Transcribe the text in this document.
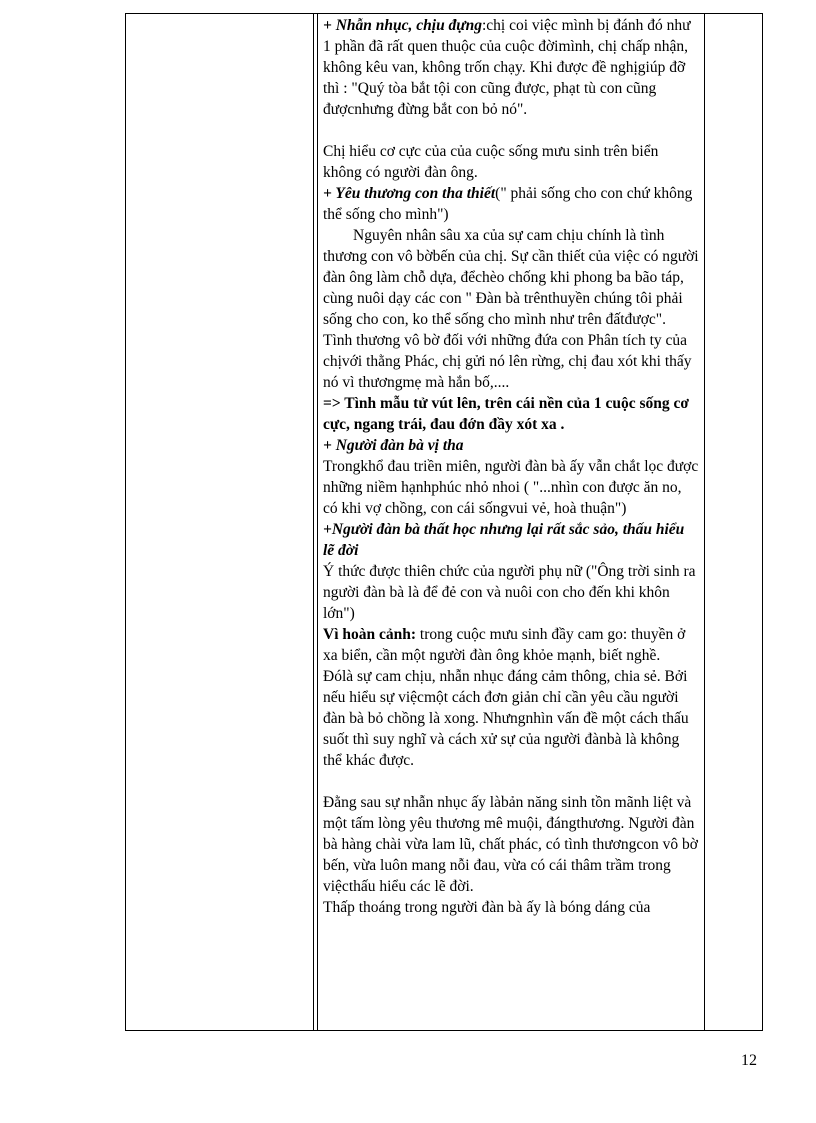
+ Nhẫn nhục, chịu đựng:chị coi việc mình bị đánh đó như 1 phần đã rất quen thuộc của cuộc đờimình, chị chấp nhận, không kêu van, không trốn chạy. Khi được đề nghịgiúp đỡ thì : "Quý tòa bắt tội con cũng được, phạt tù con cũng đượcnhưng đừng bắt con bỏ nó".

Chị hiểu cơ cực của của cuộc sống mưu sinh trên biển không có người đàn ông.

+ Yêu thương con tha thiết(" phải sống cho con chứ không thể sống cho mình")

Nguyên nhân sâu xa của sự cam chịu chính là tình thương con vô bờbến của chị. Sự cần thiết của việc có người đàn ông làm chỗ dựa, đểchèo chống khi phong ba bão táp, cùng nuôi dạy các con " Đàn bà trênthuyền chúng tôi phải sống cho con, ko thể sống cho mình như trên đấtđược".

Tình thương vô bờ đối với những đứa con Phân tích ty của chịvới thằng Phác, chị gửi nó lên rừng, chị đau xót khi thấy nó vì thươngmẹ mà hắn bố,....

=> Tình mẫu tử vút lên, trên cái nền của 1 cuộc sống cơ cực, ngang trái, đau đớn đầy xót xa .

+ Người đàn bà vị tha

Trongkhổ đau triền miên, người đàn bà ấy vẫn chắt lọc được những niềm hạnhphúc nhỏ nhoi ( "...nhìn con được ăn no, có khi vợ chồng, con cái sốngvui vẻ, hoà thuận")

+Người đàn bà thất học nhưng lại rất sắc sảo, thấu hiểu lẽ đời

Ý thức được thiên chức của người phụ nữ ("Ông trời sinh ra người đàn bà là để đẻ con và nuôi con cho đến khi khôn lớn")

Vì hoàn cảnh: trong cuộc mưu sinh đầy cam go: thuyền ở xa biển, cần một người đàn ông khỏe mạnh, biết nghề.

Đólà sự cam chịu, nhẫn nhục đáng cảm thông, chia sẻ. Bởi nếu hiểu sự việcmột cách đơn giản chỉ cần yêu cầu người đàn bà bỏ chồng là xong. Nhưngnhìn vấn đề một cách thấu suốt thì suy nghĩ và cách xử sự của người đànbà là không thể khác được.

Đằng sau sự nhẫn nhục ấy làbản năng sinh tồn mãnh liệt và một tấm lòng yêu thương mê muội, đángthương. Người đàn bà hàng chài vừa lam lũ, chất phác, có tình thươngcon vô bờ bến, vừa luôn mang nỗi đau, vừa có cái thâm trầm trong việcthấu hiểu các lẽ đời.

Thấp thoáng trong người đàn bà ấy là bóng dáng của

12
